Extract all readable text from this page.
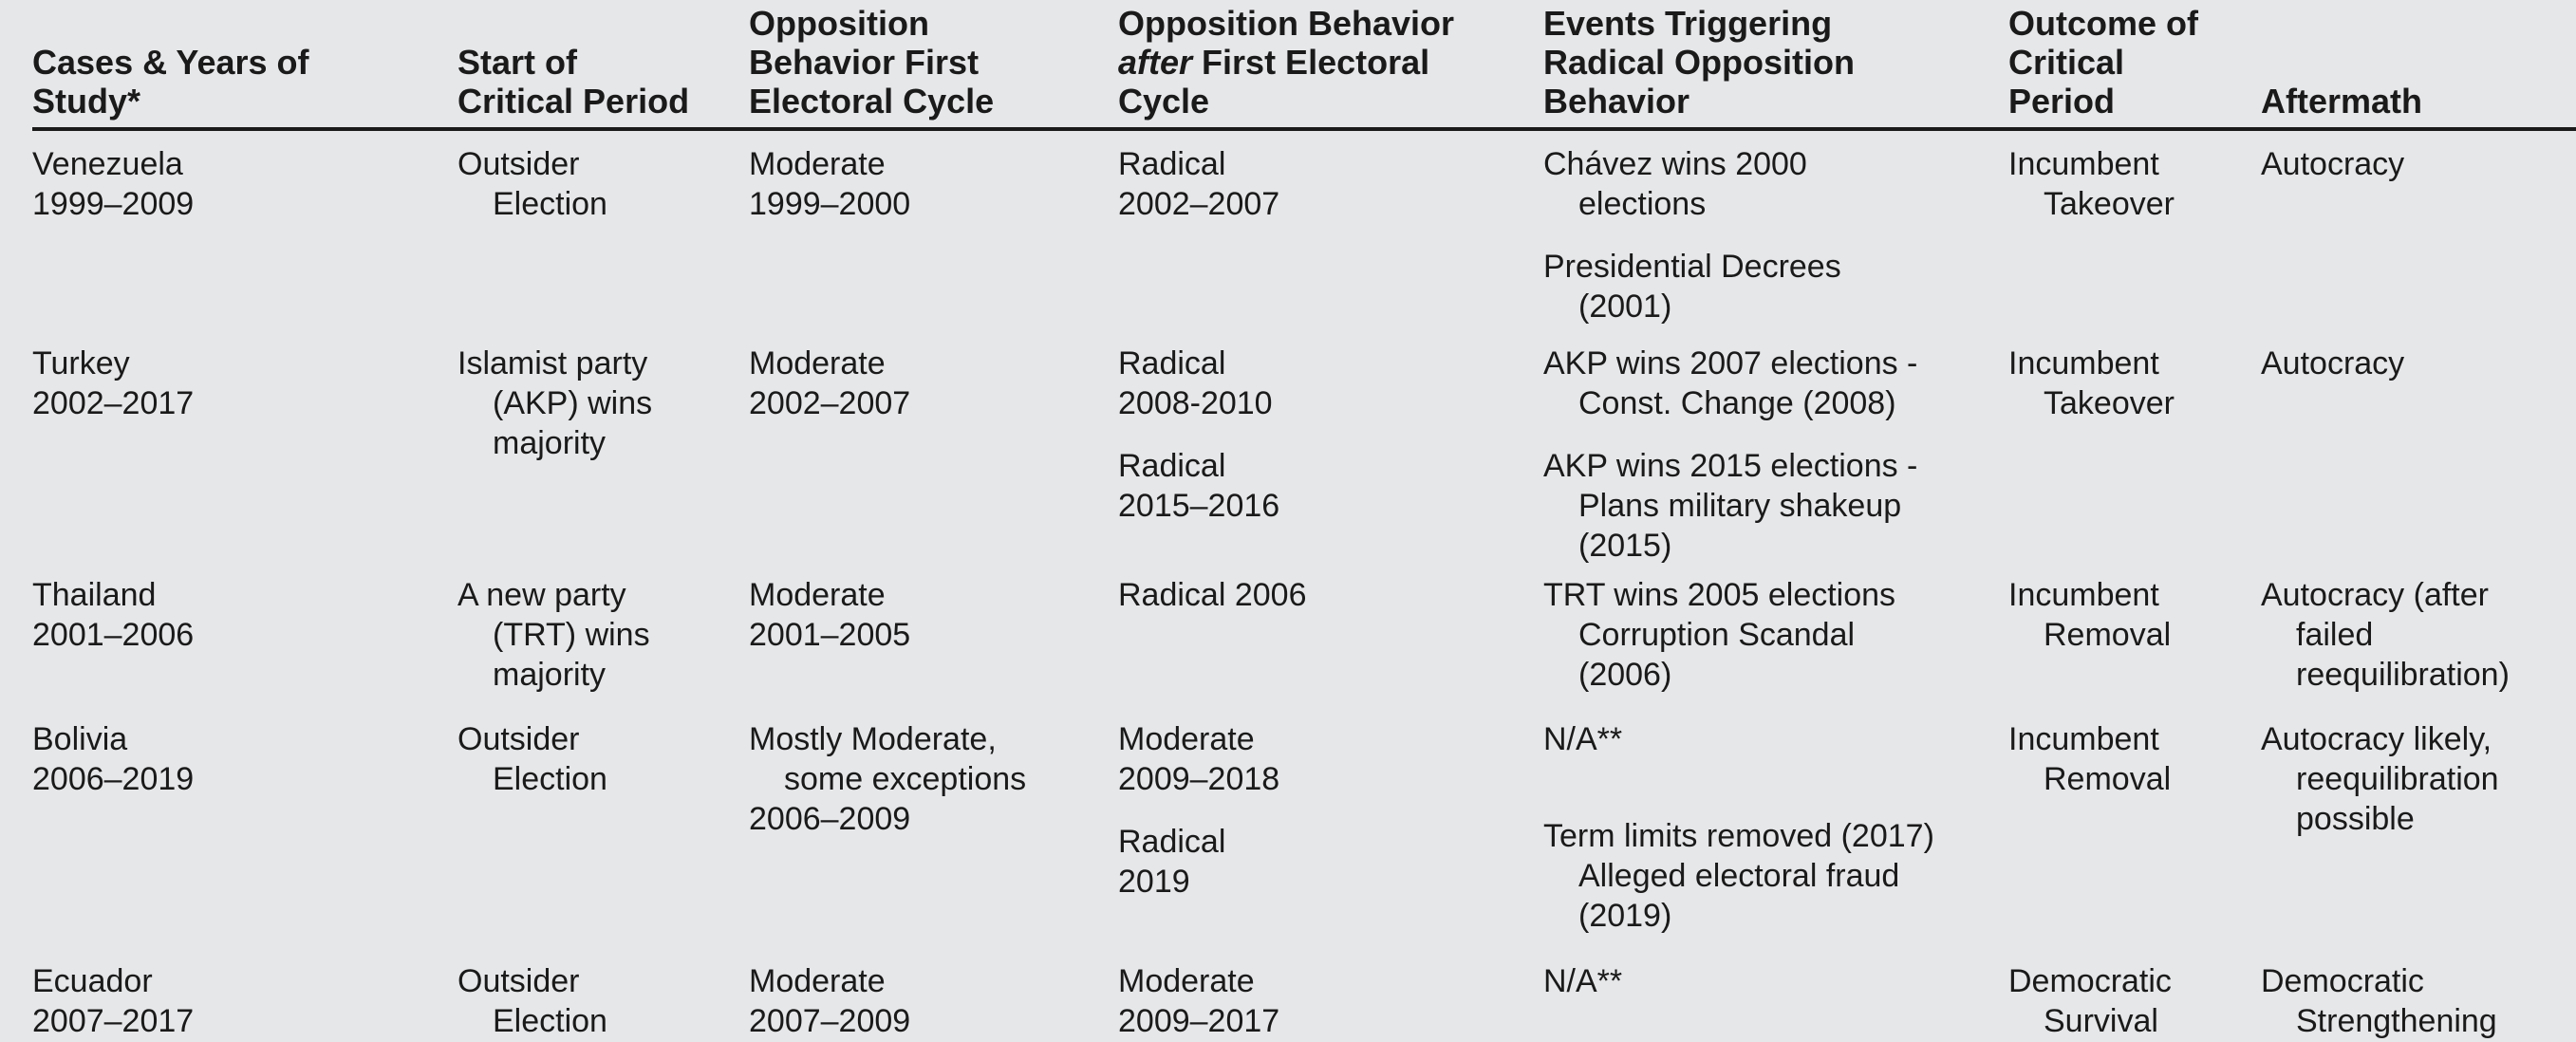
Cases & Years of
Study*
Start of
Critical Period
Opposition
Behavior First
Electoral Cycle
Opposition Behavior
after First Electoral
Cycle
Events Triggering
Radical Opposition
Behavior
Outcome of
Critical
Period	Aftermath
Venezuela
1999–2009
Outsider
Election
Moderate
1999–2000
Incumbent
Takeover
Autocracy
Radical
2002–2007
Chávez wins 2000
elections
Presidential Decrees
(2001)
Turkey
2002–2017
Islamist party
(AKP) wins
majority
Moderate
2002–2007
Incumbent
Takeover
Autocracy
Radical
2008-2010
Radical
2015–2016
AKP wins 2007 elections -
Const. Change (2008)
AKP wins 2015 elections -
Plans military shakeup
(2015)
Thailand
2001–2006
A new party
(TRT) wins
majority
Moderate
2001–2005
Incumbent
Removal
Autocracy (after
failed
reequilibration)
Radical 2006	TRT wins 2005 elections
Corruption Scandal
(2006)
Bolivia
2006–2019
Outsider
Election
Mostly Moderate,
some exceptions
2006–2009
Incumbent
Removal
Autocracy likely,
reequilibration
possible
Moderate
2009–2018
Radical
2019
N/A**
Term limits removed (2017)
Alleged electoral fraud
(2019)
Ecuador
2007–2017
Outsider
Election
Moderate
2007–2009
Democratic
Survival
Democratic
Strengthening
Moderate
2009–2017
N/A**
